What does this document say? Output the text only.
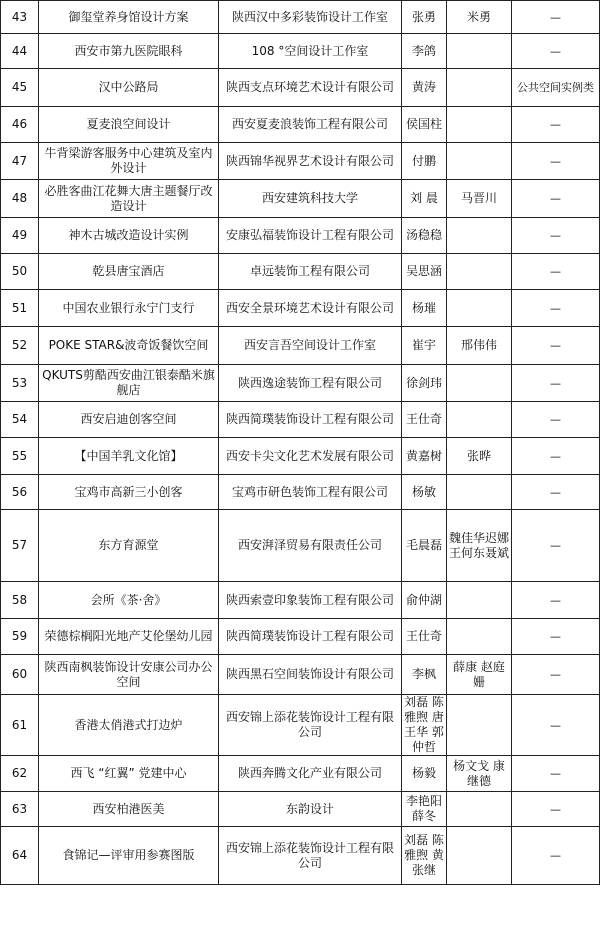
43	御玺堂养身馆设计方案	陕西汉中多彩装饰设计工作室	张勇	米勇	—
44	西安市第九医院眼科	108 °空间设计工作室	李鸽		—
45	汉中公路局	陕西支点环境艺术设计有限公司	黄涛		公共空间实例类
46	夏麦浪空间设计	西安夏麦浪装饰工程有限公司	侯国柱		—
47	牛背梁游客服务中心建筑及室内外设计	陕西锦华视界艺术设计有限公司	付鹏		—
48	必胜客曲江花舞大唐主题餐厅改造设计	西安建筑科技大学	刘 晨	马晋川	—
49	神木古城改造设计实例	安康弘福装饰设计工程有限公司	汤稳稳		—
50	乾县唐宝酒店	卓远装饰工程有限公司	吴思涵		—
51	中国农业银行永宁门支行	西安全景环境艺术设计有限公司	杨璀		—
52	POKE STAR&波奇饭餐饮空间	西安言吾空间设计工作室	崔宇	邢伟伟	—
53	QKUTS剪酷西安曲江银泰酷米旗舰店	陕西逸途装饰工程有限公司	徐剑玮		—
54	西安启迪创客空间	陕西简璞装饰设计工程有限公司	王仕奇		—
55	【中国羊乳文化馆】	西安卡尖文化艺术发展有限公司	黄嘉树	张晔	—
56	宝鸡市高新三小创客	宝鸡市研色装饰工程有限公司	杨敏		—
57	东方育源堂	西安湃泽贸易有限责任公司	毛晨磊	魏佳华迟娜 王何东聂斌	—
58	会所《茶·舍》	陕西索壹印象装饰工程有限公司	俞仲湖		—
59	荣德棕榈阳光地产艾伦堡幼儿园	陕西简璞装饰设计工程有限公司	王仕奇		—
60	陕西南枫装饰设计安康公司办公空间	陕西黑石空间装饰设计有限公司	李枫	薛康 赵庭姗	—
61	香港太俏港式打边炉	西安锦上添花装饰设计工程有限公司	刘磊 陈雅煦 唐王华 郭仲哲		—
62	西飞 “红翼” 党建中心	陕西奔腾文化产业有限公司	杨毅	杨文戈 康继德	—
63	西安柏港医美	东韵设计	李艳阳 薛冬		—
64	食锦记—评审用参赛图版	西安锦上添花装饰设计工程有限公司	刘磊 陈雅煦 黄张继		—
